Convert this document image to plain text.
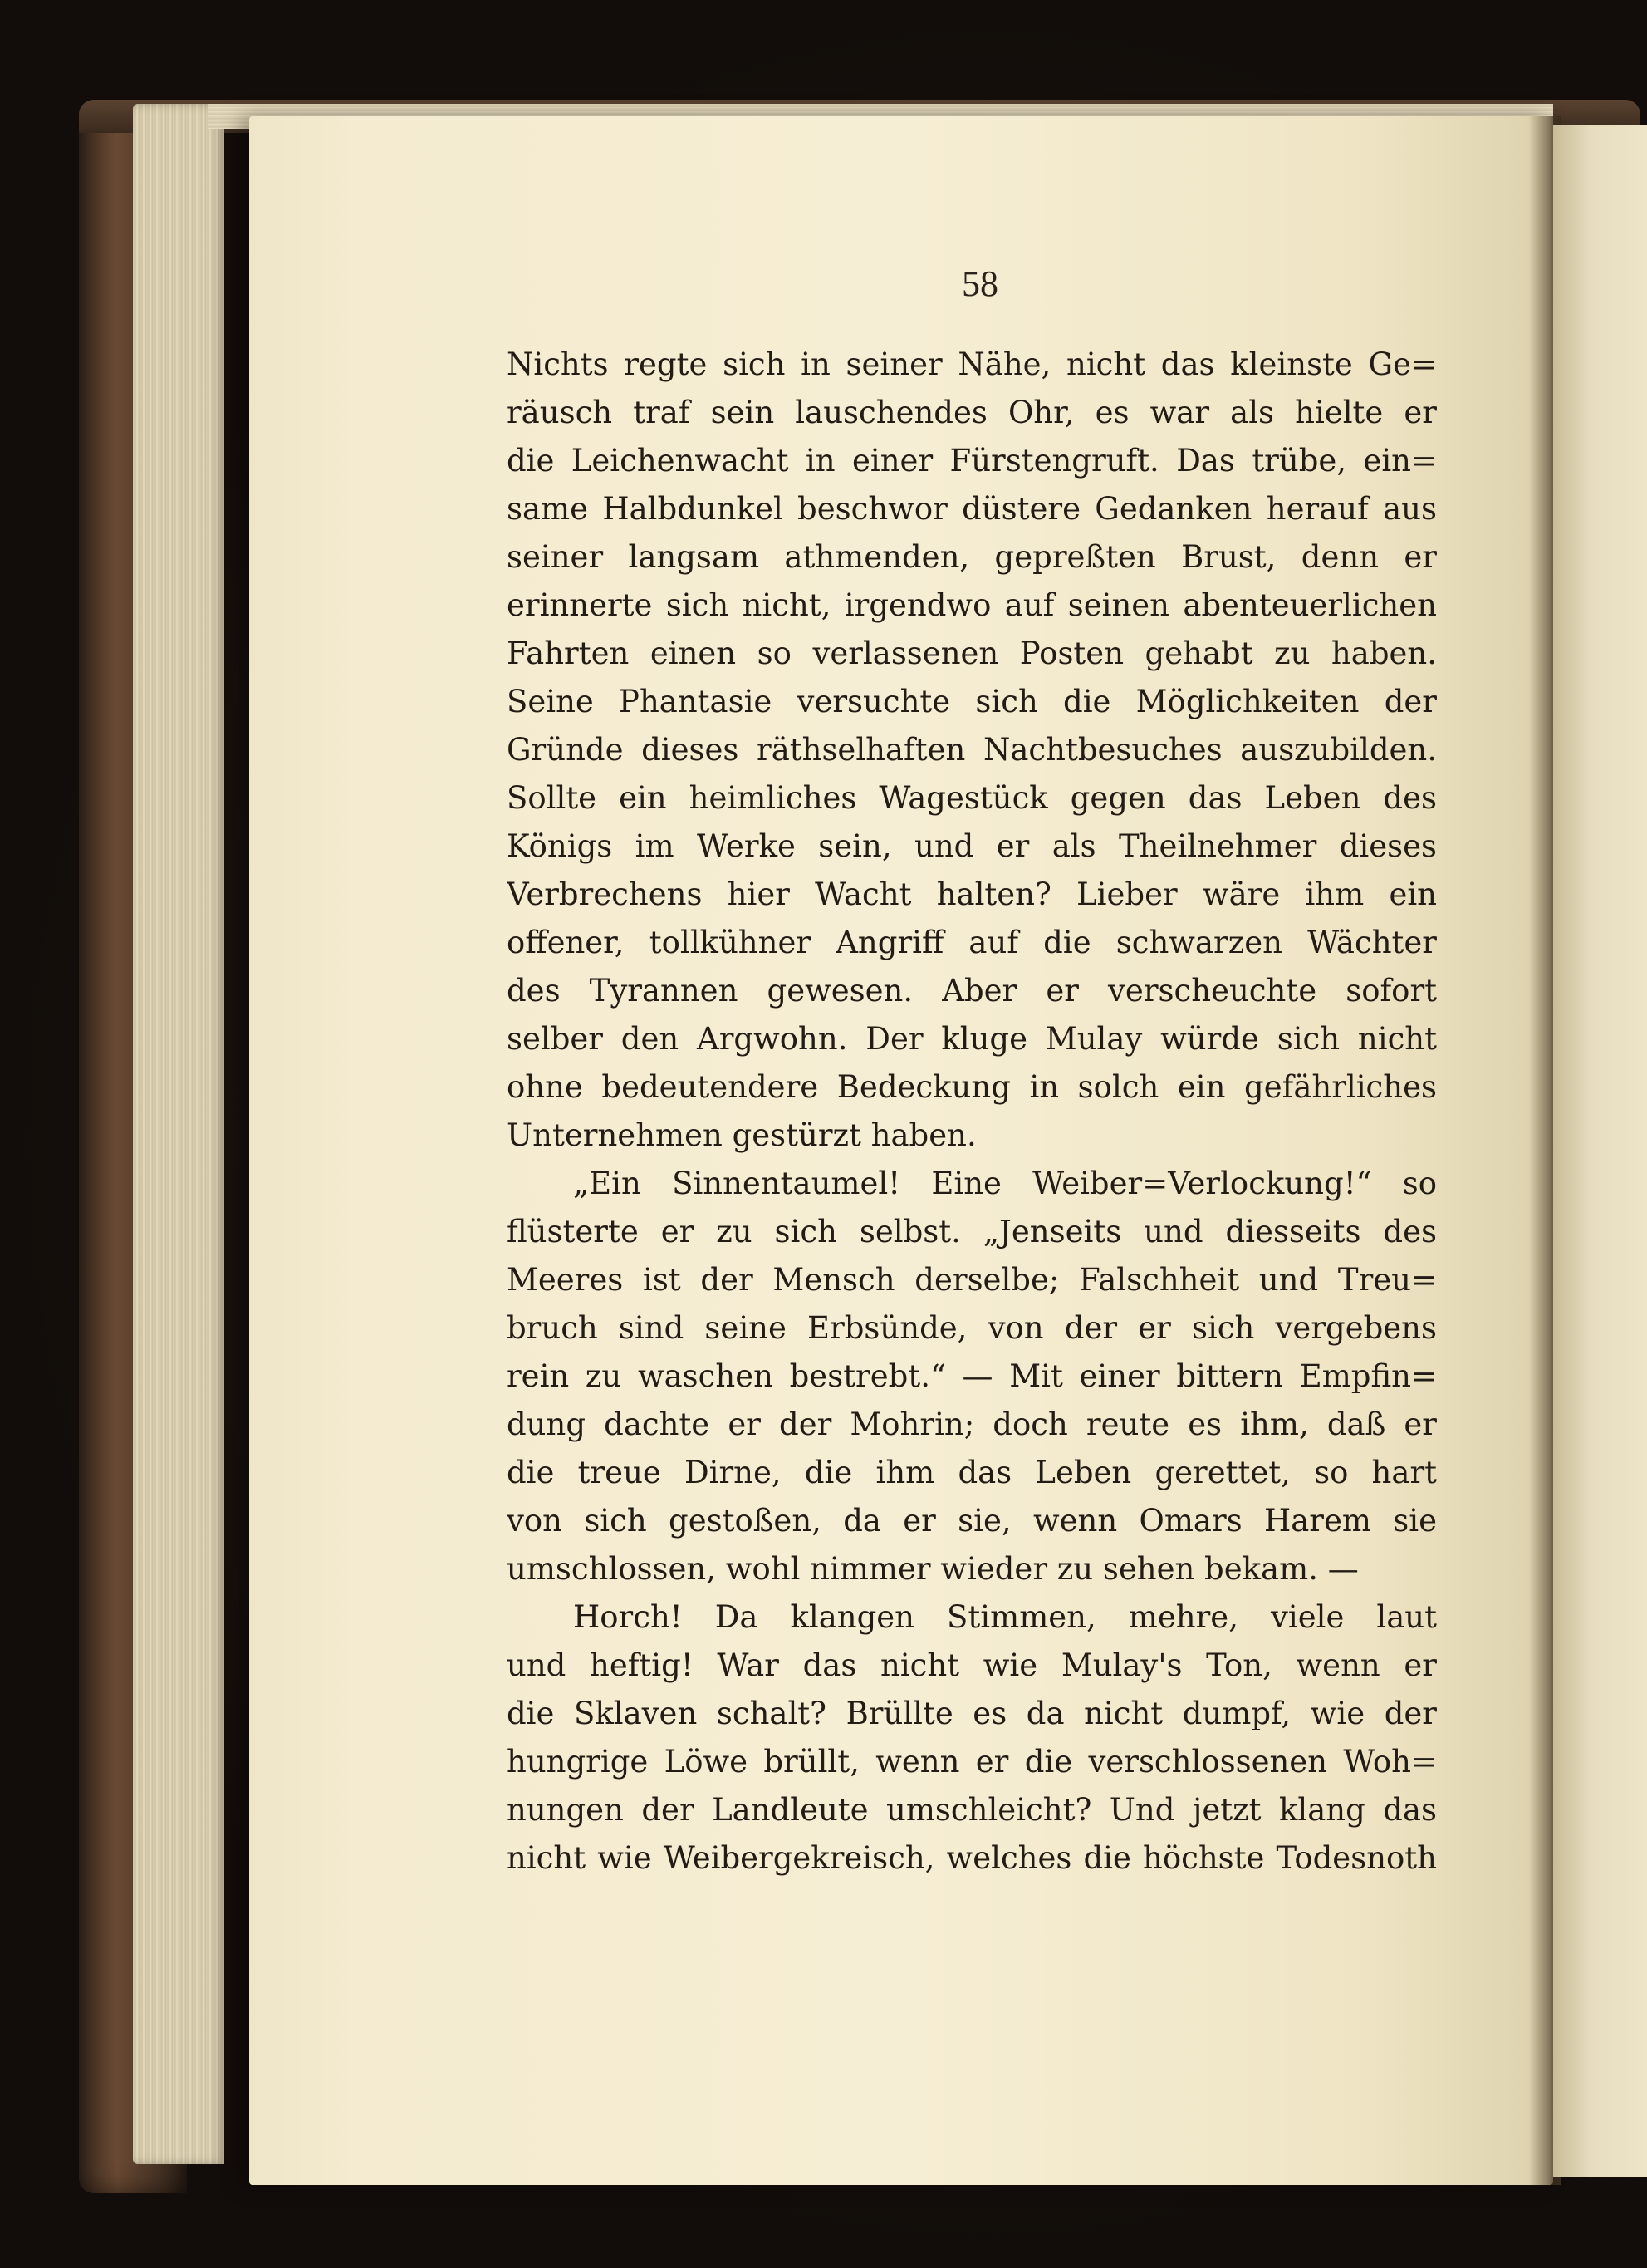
58
Nichts regte sich in seiner Nähe, nicht das kleinste Ge=
räusch traf sein lauschendes Ohr, es war als hielte er
die Leichenwacht in einer Fürstengruft. Das trübe, ein=
same Halbdunkel beschwor düstere Gedanken herauf aus
seiner langsam athmenden, gepreßten Brust, denn er
erinnerte sich nicht, irgendwo auf seinen abenteuerlichen
Fahrten einen so verlassenen Posten gehabt zu haben.
Seine Phantasie versuchte sich die Möglichkeiten der
Gründe dieses räthselhaften Nachtbesuches auszubilden.
Sollte ein heimliches Wagestück gegen das Leben des
Königs im Werke sein, und er als Theilnehmer dieses
Verbrechens hier Wacht halten? Lieber wäre ihm ein
offener, tollkühner Angriff auf die schwarzen Wächter
des Tyrannen gewesen. Aber er verscheuchte sofort
selber den Argwohn. Der kluge Mulay würde sich nicht
ohne bedeutendere Bedeckung in solch ein gefährliches
Unternehmen gestürzt haben.
„Ein Sinnentaumel! Eine Weiber=Verlockung!“ so
flüsterte er zu sich selbst. „Jenseits und diesseits des
Meeres ist der Mensch derselbe; Falschheit und Treu=
bruch sind seine Erbsünde, von der er sich vergebens
rein zu waschen bestrebt.“ — Mit einer bittern Empfin=
dung dachte er der Mohrin; doch reute es ihm, daß er
die treue Dirne, die ihm das Leben gerettet, so hart
von sich gestoßen, da er sie, wenn Omars Harem sie
umschlossen, wohl nimmer wieder zu sehen bekam. —
Horch! Da klangen Stimmen, mehre, viele laut
und heftig! War das nicht wie Mulay's Ton, wenn er
die Sklaven schalt? Brüllte es da nicht dumpf, wie der
hungrige Löwe brüllt, wenn er die verschlossenen Woh=
nungen der Landleute umschleicht? Und jetzt klang das
nicht wie Weibergekreisch, welches die höchste Todesnoth
